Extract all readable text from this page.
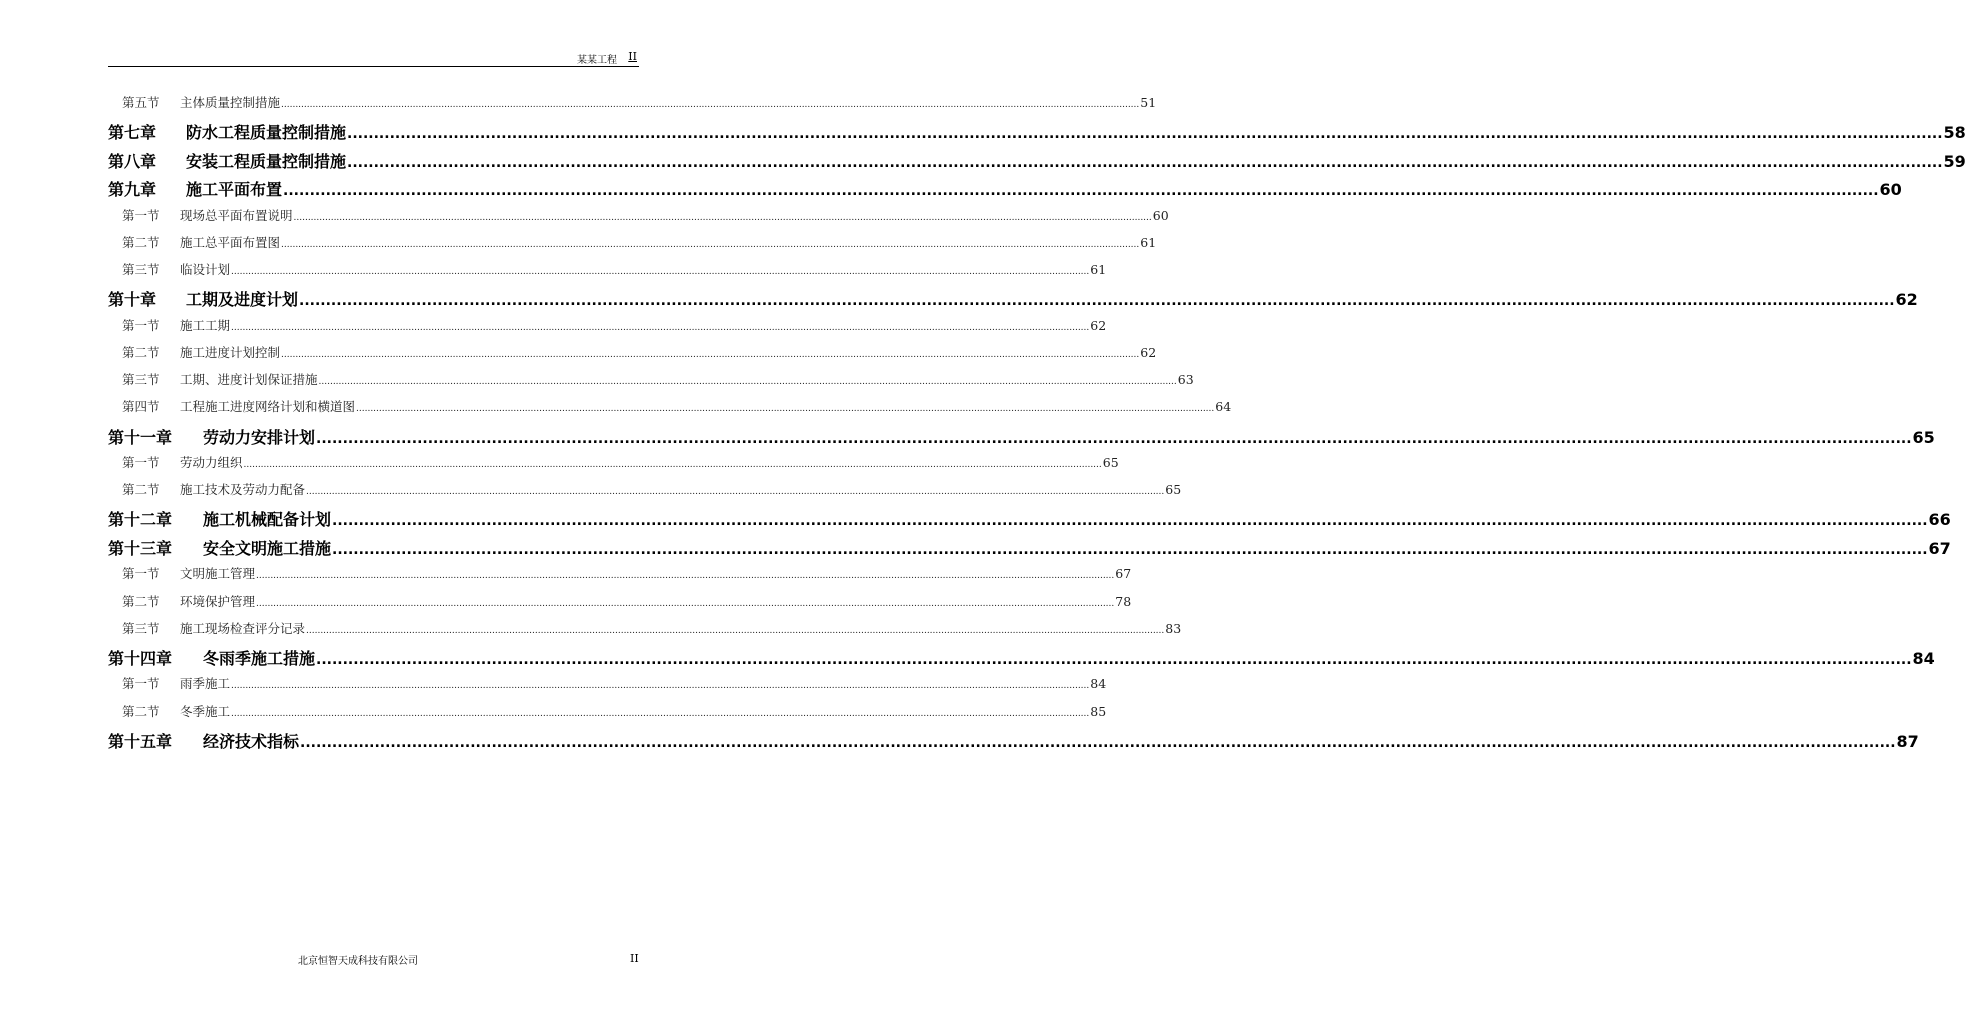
某某工程 II
第五节	主体质量控制措施 ............................................................................................................................................................................................................................................................................................................ 51
第七章	防水工程质量控制措施 ............................................................................................................................................................................................................................................................................................................ 58
第八章	安装工程质量控制措施 ............................................................................................................................................................................................................................................................................................................ 59
第九章	施工平面布置 ............................................................................................................................................................................................................................................................................................................ 60
第一节	现场总平面布置说明 ............................................................................................................................................................................................................................................................................................................ 60
第二节	施工总平面布置图 ............................................................................................................................................................................................................................................................................................................ 61
第三节	临设计划 ............................................................................................................................................................................................................................................................................................................ 61
第十章	工期及进度计划 ............................................................................................................................................................................................................................................................................................................ 62
第一节	施工工期 ............................................................................................................................................................................................................................................................................................................ 62
第二节	施工进度计划控制 ............................................................................................................................................................................................................................................................................................................ 62
第三节	工期、进度计划保证措施 ............................................................................................................................................................................................................................................................................................................ 63
第四节	工程施工进度网络计划和横道图 ............................................................................................................................................................................................................................................................................................................ 64
第十一章	劳动力安排计划 ............................................................................................................................................................................................................................................................................................................ 65
第一节	劳动力组织 ............................................................................................................................................................................................................................................................................................................ 65
第二节	施工技术及劳动力配备 ............................................................................................................................................................................................................................................................................................................ 65
第十二章	施工机械配备计划 ............................................................................................................................................................................................................................................................................................................ 66
第十三章	安全文明施工措施 ............................................................................................................................................................................................................................................................................................................ 67
第一节	文明施工管理 ............................................................................................................................................................................................................................................................................................................ 67
第二节	环境保护管理 ............................................................................................................................................................................................................................................................................................................ 78
第三节	施工现场检查评分记录 ............................................................................................................................................................................................................................................................................................................ 83
第十四章	冬雨季施工措施 ............................................................................................................................................................................................................................................................................................................ 84
第一节	雨季施工 ............................................................................................................................................................................................................................................................................................................ 84
第二节	冬季施工 ............................................................................................................................................................................................................................................................................................................ 85
第十五章	经济技术指标 ............................................................................................................................................................................................................................................................................................................ 87
北京恒智天成科技有限公司	II
